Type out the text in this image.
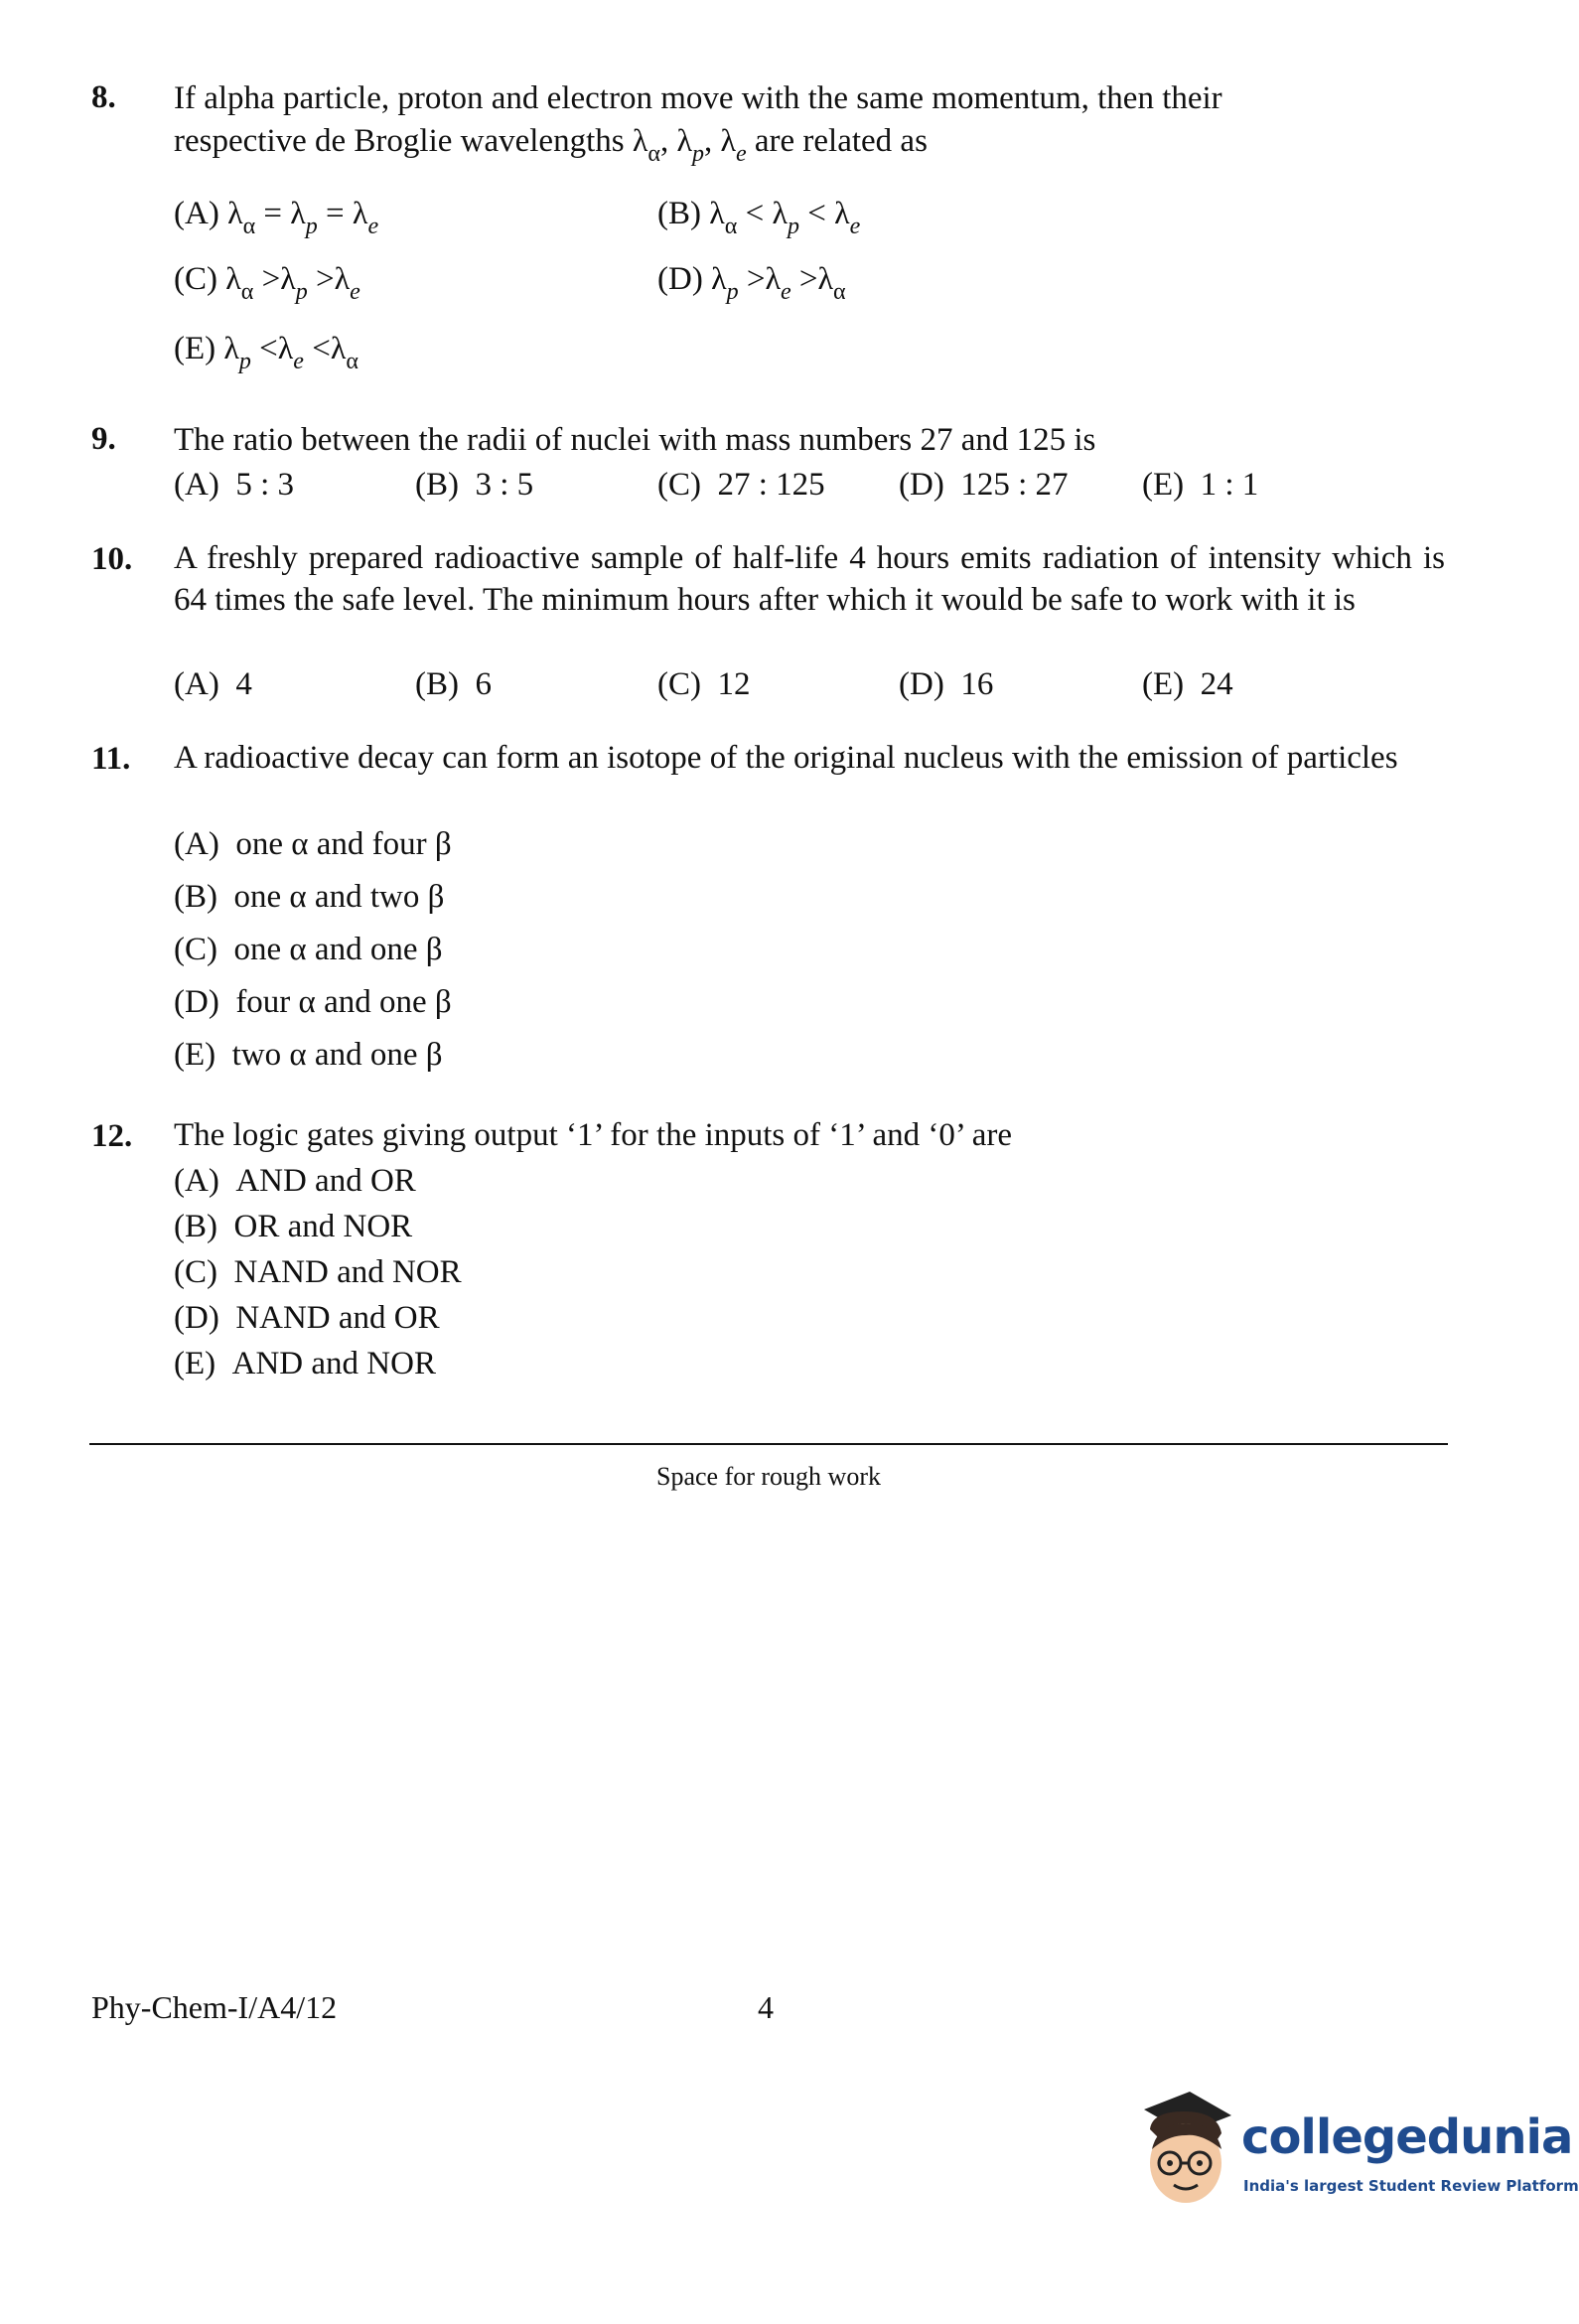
8. If alpha particle, proton and electron move with the same momentum, then their
respective de Broglie wavelengths $\lambda_\alpha$, $\lambda_p$, $\lambda_e$ are related as
(A) $\lambda_\alpha = \lambda_p = \lambda_e$	(B) $\lambda_\alpha < \lambda_p < \lambda_e$
(C) $\lambda_\alpha >\lambda_p >\lambda_e$	(D) $\lambda_p >\lambda_e >\lambda_\alpha$
(E) $\lambda_p <\lambda_e <\lambda_\alpha$
9. The ratio between the radii of nuclei with mass numbers 27 and 125 is
(A) 5 : 3	(B) 3 : 5	(C) 27 : 125 (D) 125 : 27 (E) 1 : 1
10. A freshly prepared radioactive sample of half-life 4 hours emits radiation of intensity which is 64 times the safe level. The minimum hours after which it would be safe to work with it is
(A) 4	(B) 6	(C) 12	(D) 16	(E) 24
11. A radioactive decay can form an isotope of the original nucleus with the emission of particles
(A) one α and four β
(B) one α and two β
(C) one α and one β
(D) four α and one β
(E) two α and one β
12. The logic gates giving output ‘1’ for the inputs of ‘1’ and ‘0’ are
(A) AND and OR
(B) OR and NOR
(C) NAND and NOR
(D) NAND and OR
(E) AND and NOR
Space for rough work
Phy-Chem-I/A4/12	4
collegedunia
India's largest Student Review Platform
